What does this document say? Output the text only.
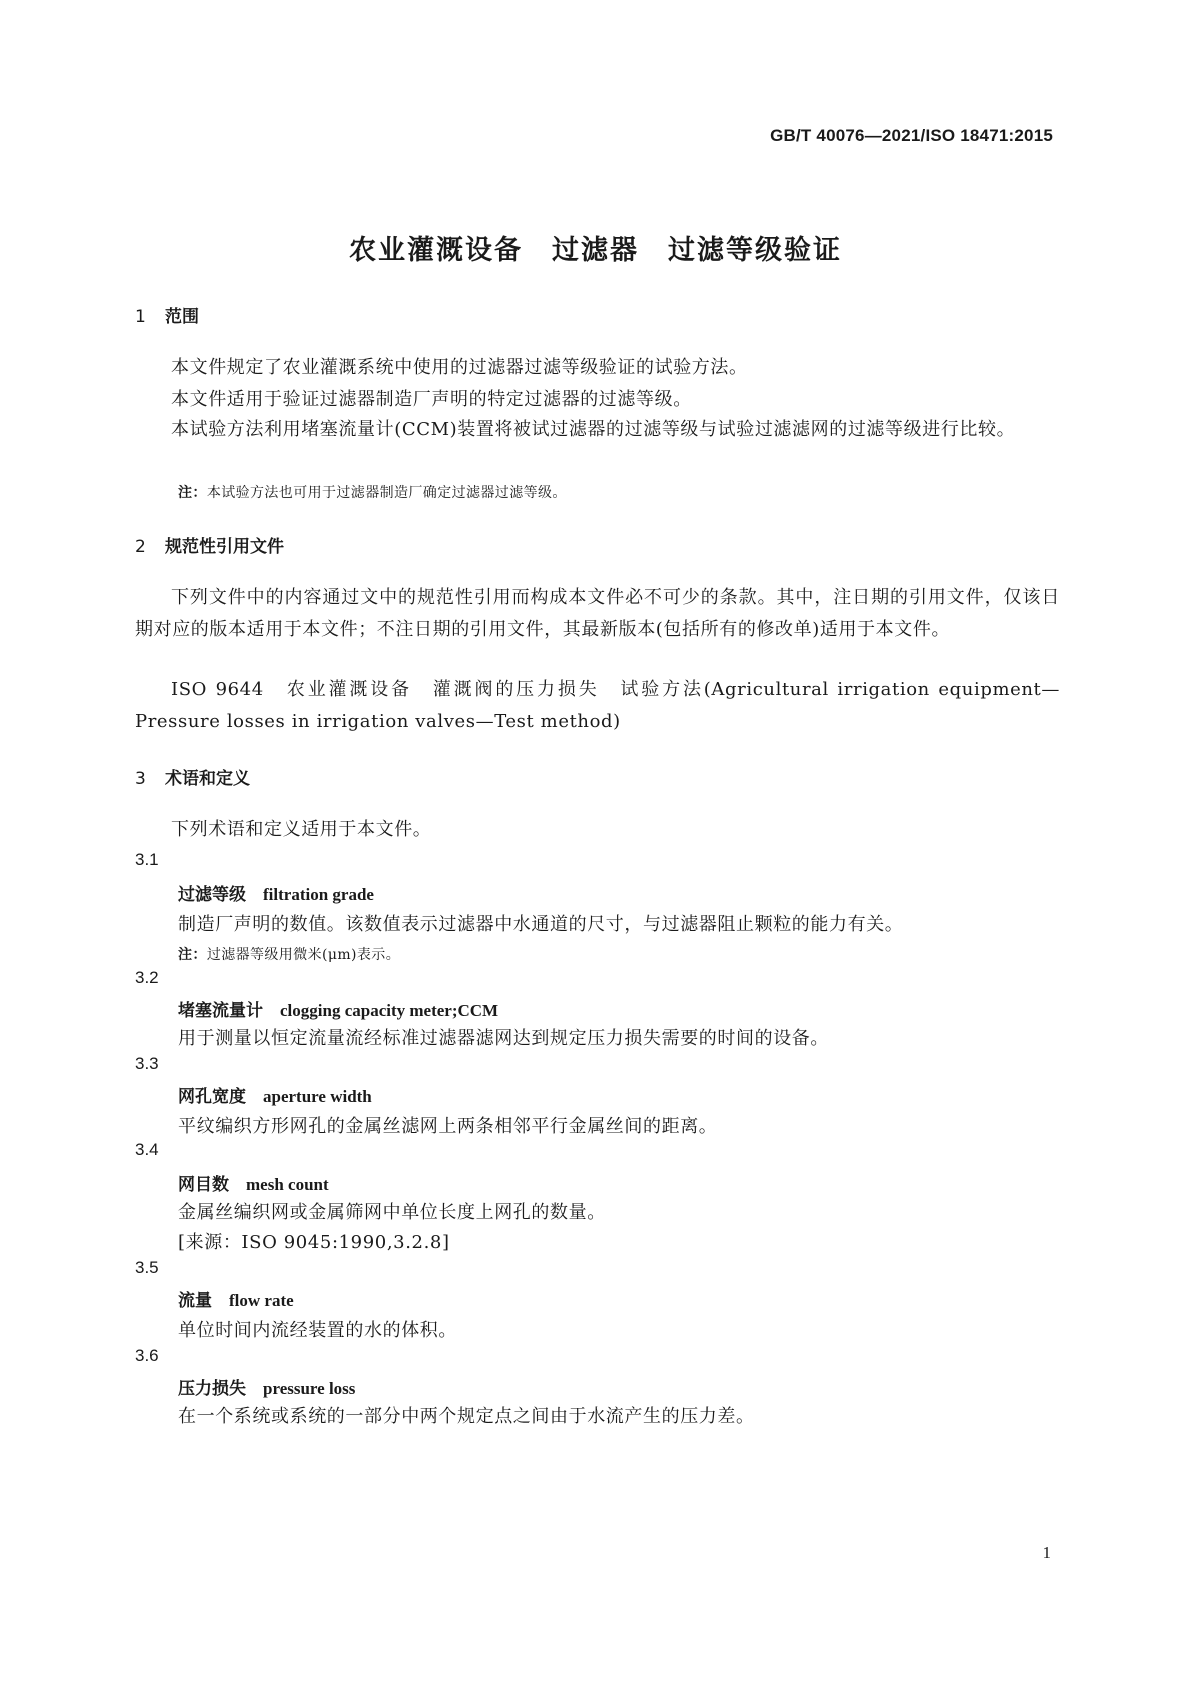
GB/T 40076—2021/ISO 18471:2015
农业灌溉设备　过滤器　过滤等级验证
1 范围
本文件规定了农业灌溉系统中使用的过滤器过滤等级验证的试验方法。
本文件适用于验证过滤器制造厂声明的特定过滤器的过滤等级。
本试验方法利用堵塞流量计(CCM)装置将被试过滤器的过滤等级与试验过滤滤网的过滤等级进行比较。
注：本试验方法也可用于过滤器制造厂确定过滤器过滤等级。
2 规范性引用文件
下列文件中的内容通过文中的规范性引用而构成本文件必不可少的条款。其中，注日期的引用文件，仅该日期对应的版本适用于本文件；不注日期的引用文件，其最新版本(包括所有的修改单)适用于本文件。
ISO 9644　农业灌溉设备　灌溉阀的压力损失　试验方法(Agricultural irrigation equipment—Pressure losses in irrigation valves—Test method)
3 术语和定义
下列术语和定义适用于本文件。
3.1
过滤等级　 filtration grade
制造厂声明的数值。该数值表示过滤器中水通道的尺寸，与过滤器阻止颗粒的能力有关。
注：过滤器等级用微米(μm)表示。
3.2
堵塞流量计　 clogging capacity meter;CCM
用于测量以恒定流量流经标准过滤器滤网达到规定压力损失需要的时间的设备。
3.3
网孔宽度　 aperture width
平纹编织方形网孔的金属丝滤网上两条相邻平行金属丝间的距离。
3.4
网目数　 mesh count
金属丝编织网或金属筛网中单位长度上网孔的数量。
[来源：ISO 9045:1990,3.2.8]
3.5
流量　 flow rate
单位时间内流经装置的水的体积。
3.6
压力损失　 pressure loss
在一个系统或系统的一部分中两个规定点之间由于水流产生的压力差。
1
